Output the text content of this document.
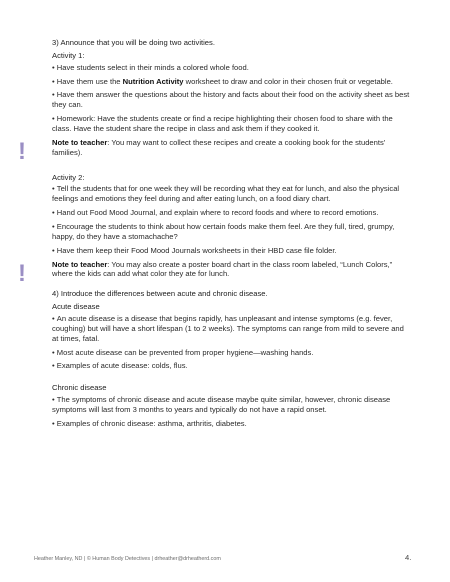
3) Announce that you will be doing two activities.
Activity 1:
• Have students select in their minds a colored whole food.
• Have them use the Nutrition Activity worksheet to draw and color in their chosen fruit or vegetable.
• Have them answer the questions about the history and facts about their food on the activity sheet as best they can.
• Homework: Have the students create or find a recipe highlighting their chosen food to share with the class. Have the student share the recipe in class and ask them if they cooked it.
!	Note to teacher: You may want to collect these recipes and create a cooking book for the students’ families).
Activity 2:
• Tell the students that for one week they will be recording what they eat for lunch, and also the physical feelings and emotions they feel during and after eating lunch, on a food diary chart.
• Hand out Food Mood Journal, and explain where to record foods and where to record emotions.
• Encourage the students to think about how certain foods make them feel. Are they full, tired, grumpy, happy, do they have a stomachache?
• Have them keep their Food Mood Journals worksheets in their HBD case file folder.
!	Note to teacher: You may also create a poster board chart in the class room labeled, “Lunch Colors,” where the kids can add what color they ate for lunch.
4) Introduce the differences between acute and chronic disease.
Acute disease
• An acute disease is a disease that begins rapidly, has unpleasant and intense symptoms (e.g. fever, coughing) but will have a short lifespan (1 to 2 weeks). The symptoms can range from mild to severe and at times, fatal.
• Most acute disease can be prevented from proper hygiene—washing hands.
• Examples of acute disease: colds, flus.
Chronic disease
• The symptoms of chronic disease and acute disease maybe quite similar, however, chronic disease symptoms will last from 3 months to years and typically do not have a rapid onset.
• Examples of chronic disease: asthma, arthritis, diabetes.
Heather Manley, ND | © Human Body Detectives | drheather@drheatherd.com	4.
